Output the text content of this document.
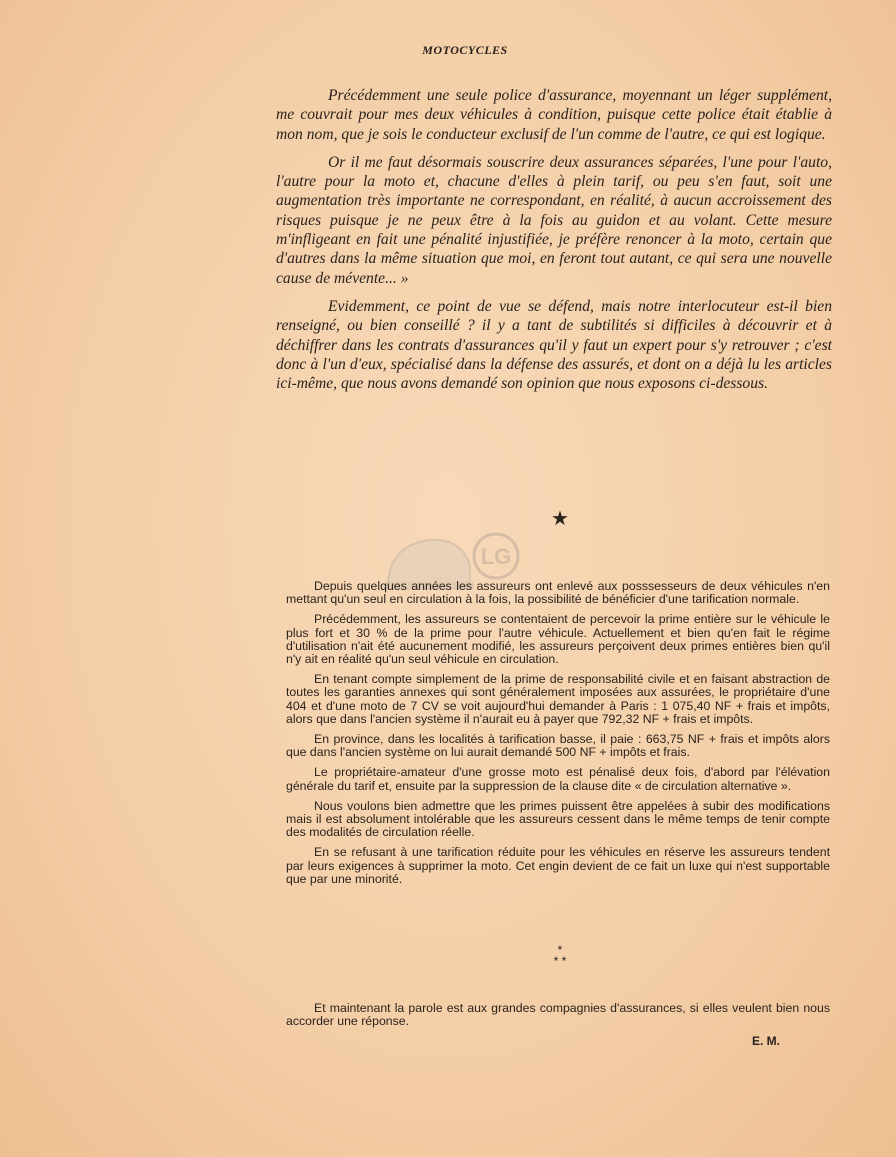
MOTOCYCLES

Précédemment une seule police d'assurance, moyennant un léger supplément, me couvrait pour mes deux véhicules à condition, puisque cette police était établie à mon nom, que je sois le conducteur exclusif de l'un comme de l'autre, ce qui est logique.

Or il me faut désormais souscrire deux assurances séparées, l'une pour l'auto, l'autre pour la moto et, chacune d'elles à plein tarif, ou peu s'en faut, soit une augmentation très importante ne correspondant, en réalité, à aucun accroissement des risques puisque je ne peux être à la fois au guidon et au volant. Cette mesure m'infligeant en fait une pénalité injustifiée, je préfère renoncer à la moto, certain que d'autres dans la même situation que moi, en feront tout autant, ce qui sera une nouvelle cause de mévente... »

Evidemment, ce point de vue se défend, mais notre interlocuteur est-il bien renseigné, ou bien conseillé ? il y a tant de subtilités si difficiles à découvrir et à déchiffrer dans les contrats d'assurances qu'il y faut un expert pour s'y retrouver ; c'est donc à l'un d'eux, spécialisé dans la défense des assurés, et dont on a déjà lu les articles ici-même, que nous avons demandé son opinion que nous exposons ci-dessous.

★
LG

Depuis quelques années les assureurs ont enlevé aux posssesseurs de deux véhicules n'en mettant qu'un seul en circulation à la fois, la possibilité de bénéficier d'une tarification normale.

Précédemment, les assureurs se contentaient de percevoir la prime entière sur le véhicule le plus fort et 30 % de la prime pour l'autre véhicule. Actuellement et bien qu'en fait le régime d'utilisation n'ait été aucunement modifié, les assureurs perçoivent deux primes entières bien qu'il n'y ait en réalité qu'un seul véhicule en circulation.

En tenant compte simplement de la prime de responsabilité civile et en faisant abstraction de toutes les garanties annexes qui sont généralement imposées aux assurées, le propriétaire d'une 404 et d'une moto de 7 CV se voit aujourd'hui demander à Paris : 1 075,40 NF + frais et impôts, alors que dans l'ancien système il n'aurait eu à payer que 792,32 NF + frais et impôts.

En province, dans les localités à tarification basse, il paie : 663,75 NF + frais et impôts alors que dans l'ancien système on lui aurait demandé 500 NF + impôts et frais.

Le propriétaire-amateur d'une grosse moto est pénalisé deux fois, d'abord par l'élévation générale du tarif et, ensuite par la suppression de la clause dite « de circulation alternative ».

Nous voulons bien admettre que les primes puissent être appelées à subir des modifications mais il est absolument intolérable que les assureurs cessent dans le même temps de tenir compte des modalités de circulation réelle.

En se refusant à une tarification réduite pour les véhicules en réserve les assureurs tendent par leurs exigences à supprimer la moto. Cet engin devient de ce fait un luxe qui n'est supportable que par une minorité.

*
* *

Et maintenant la parole est aux grandes compagnies d'assurances, si elles veulent bien nous accorder une réponse.

E. M.
